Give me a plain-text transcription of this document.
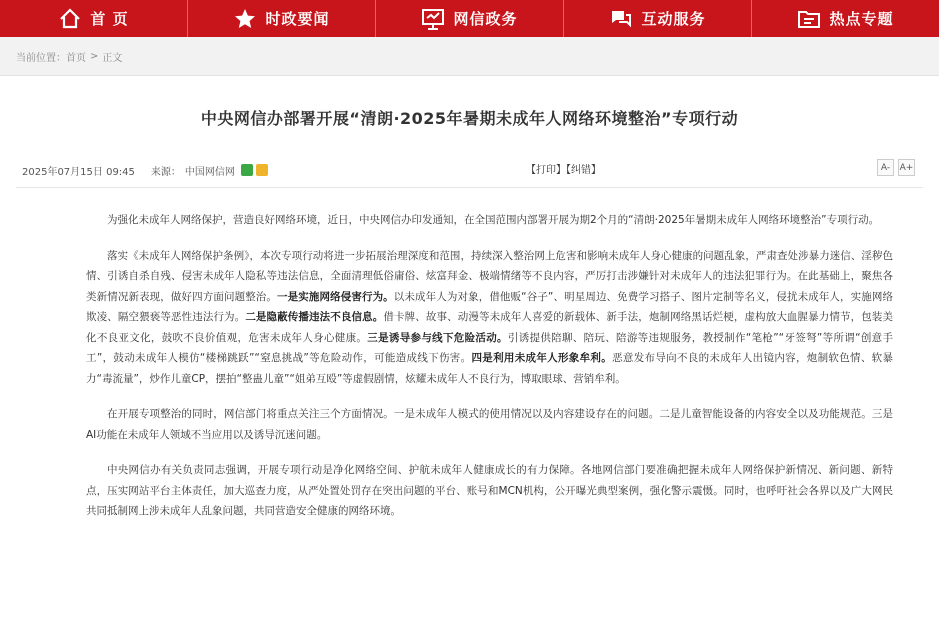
首 页	时政要闻	网信政务	互动服务	热点专题
当前位置： 首页 > 正文
中央网信办部署开展“清朗·2025年暑期未成年人网络环境整治”专项行动
2025年07月15日 09:45 来源： 中国网信网	【打印】【纠错】	A-	A+

为强化未成年人网络保护，营造良好网络环境，近日，中央网信办印发通知，在全国范围内部署开展为期2个月的“清朗·2025年暑期未成年人网络环境整治”专项行动。

落实《未成年人网络保护条例》，本次专项行动将进一步拓展治理深度和范围，持续深入整治网上危害和影响未成年人身心健康的问题乱象，严肃查处涉暴力迷信、淫秽色情、引诱自杀自残、侵害未成年人隐私等违法信息，全面清理低俗庸俗、炫富拜金、极端情绪等不良内容，严厉打击涉嫌针对未成年人的违法犯罪行为。在此基础上，聚焦各类新情况新表现，做好四方面问题整治。一是实施网络侵害行为。以未成年人为对象，借他贩“谷子”、明星周边、免费学习搭子、图片定制等名义，侵扰未成年人，实施网络欺凌、隔空猥亵等恶性违法行为。二是隐蔽传播违法不良信息。借卡牌、故事、动漫等未成年人喜爱的新载体、新手法，炮制网络黑话烂梗，虚构放大血腥暴力情节，包装美化不良亚文化，鼓吹不良价值观，危害未成年人身心健康。三是诱导参与线下危险活动。引诱提供陪聊、陪玩、陪游等违规服务，教授制作“笔枪”“牙签弩”等所谓“创意手工”，鼓动未成年人模仿“楼梯跳跃”“窒息挑战”等危险动作，可能造成线下伤害。四是利用未成年人形象牟利。恶意发布导向不良的未成年人出镜内容，炮制软色情、软暴力“毒流量”，炒作儿童CP，摆拍“整蛊儿童”“姐弟互殴”等虚假剧情，炫耀未成年人不良行为，博取眼球、营销牟利。

在开展专项整治的同时，网信部门将重点关注三个方面情况。一是未成年人模式的使用情况以及内容建设存在的问题。二是儿童智能设备的内容安全以及功能规范。三是AI功能在未成年人领域不当应用以及诱导沉迷问题。

中央网信办有关负责同志强调，开展专项行动是净化网络空间、护航未成年人健康成长的有力保障。各地网信部门要准确把握未成年人网络保护新情况、新问题、新特点，压实网站平台主体责任，加大巡查力度，从严处置处罚存在突出问题的平台、账号和MCN机构，公开曝光典型案例，强化警示震慑。同时，也呼吁社会各界以及广大网民共同抵制网上涉未成年人乱象问题，共同营造安全健康的网络环境。
